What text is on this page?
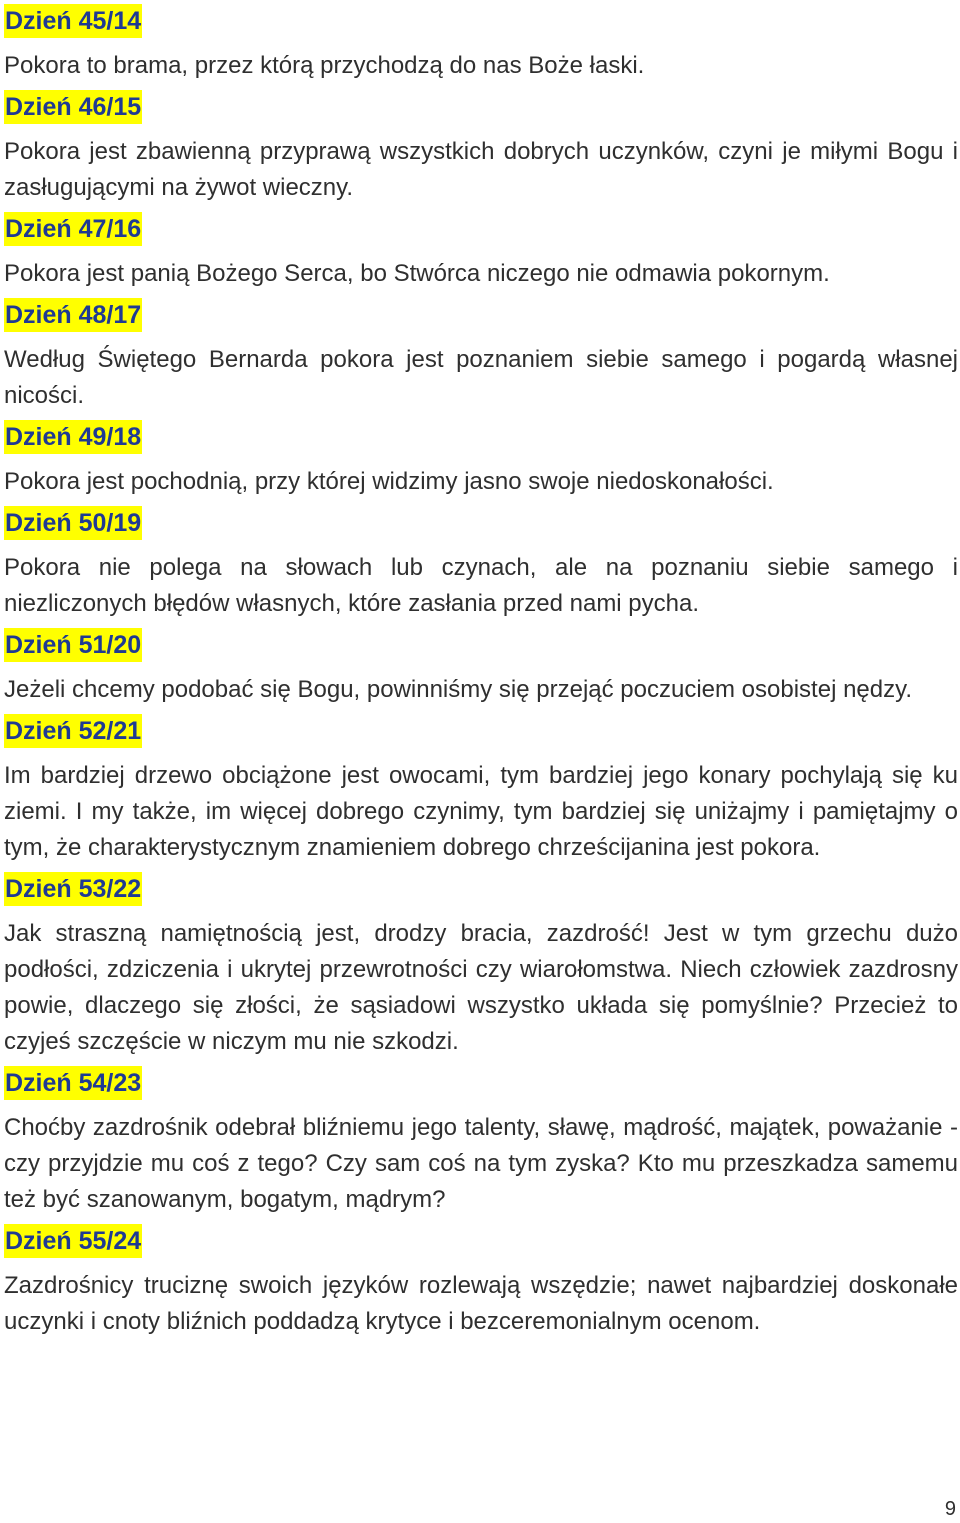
Dzień 45/14

Pokora to brama, przez którą przychodzą do nas Boże łaski.

Dzień 46/15

Pokora jest zbawienną przyprawą wszystkich dobrych uczynków, czyni je miłymi Bogu i zasługującymi na żywot wieczny.

Dzień 47/16

Pokora jest panią Bożego Serca, bo Stwórca niczego nie odmawia pokornym.

Dzień 48/17

Według Świętego Bernarda pokora jest poznaniem siebie samego i pogardą własnej nicości.

Dzień 49/18

Pokora jest pochodnią, przy której widzimy jasno swoje niedoskonałości.

Dzień 50/19

Pokora nie polega na słowach lub czynach, ale na poznaniu siebie samego i niezliczonych błędów własnych, które zasłania przed nami pycha.

Dzień 51/20

Jeżeli chcemy podobać się Bogu, powinniśmy się przejąć poczuciem osobistej nędzy.

Dzień 52/21

Im bardziej drzewo obciążone jest owocami, tym bardziej jego konary pochylają się ku ziemi. I my także, im więcej dobrego czynimy, tym bardziej się uniżajmy i pamiętajmy o tym, że charakterystycznym znamieniem dobrego chrześcijanina jest pokora.

Dzień 53/22

Jak straszną namiętnością jest, drodzy bracia, zazdrość! Jest w tym grzechu dużo podłości, zdziczenia i ukrytej przewrotności czy wiarołomstwa. Niech człowiek zazdrosny powie, dlaczego się złości, że sąsiadowi wszystko układa się pomyślnie? Przecież to czyjeś szczęście w niczym mu nie szkodzi.

Dzień 54/23

Choćby zazdrośnik odebrał bliźniemu jego talenty, sławę, mądrość, majątek, poważanie - czy przyjdzie mu coś z tego? Czy sam coś na tym zyska? Kto mu przeszkadza samemu też być szanowanym, bogatym, mądrym?

Dzień 55/24

Zazdrośnicy truciznę swoich języków rozlewają wszędzie; nawet najbardziej doskonałe uczynki i cnoty bliźnich poddadzą krytyce i bezceremonialnym ocenom.

9
